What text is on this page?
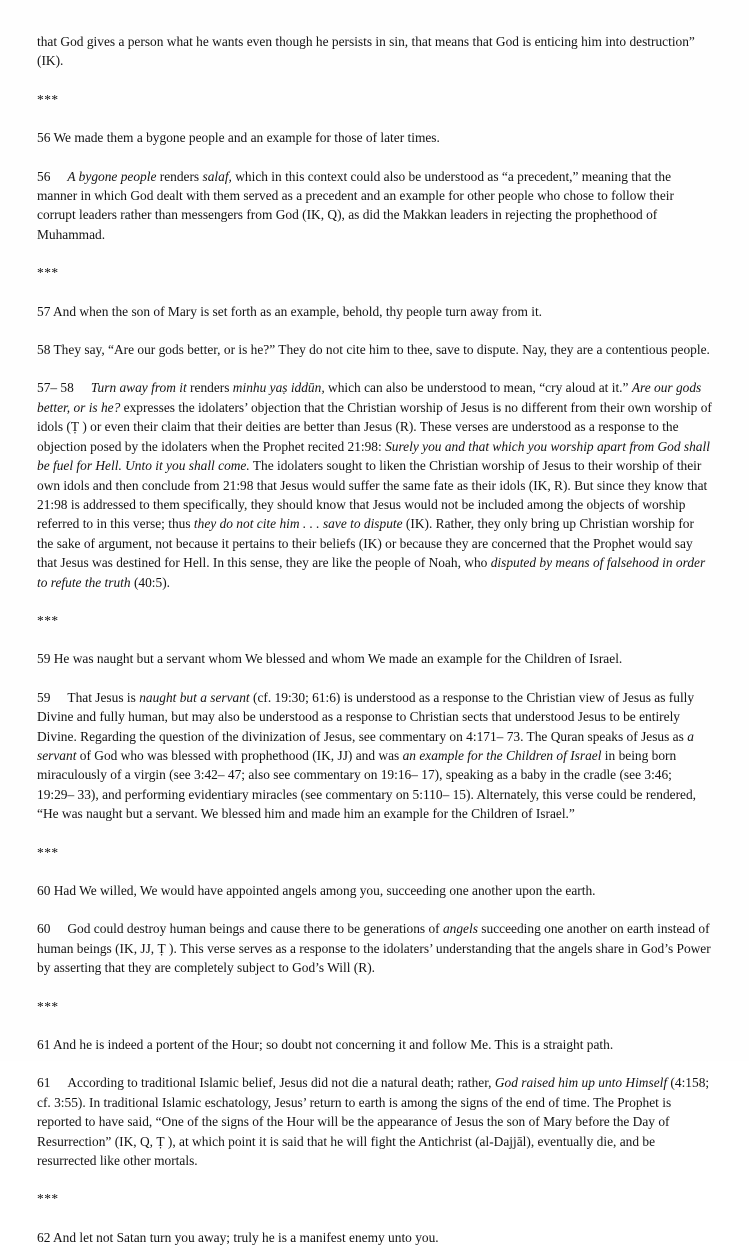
that God gives a person what he wants even though he persists in sin, that means that God is enticing him into destruction” (IK).

***

56 We made them a bygone people and an example for those of later times.

56 A bygone people renders salaf, which in this context could also be understood as “a precedent,” meaning that the manner in which God dealt with them served as a precedent and an example for other people who chose to follow their corrupt leaders rather than messengers from God (IK, Q), as did the Makkan leaders in rejecting the prophethood of Muhammad.

***

57 And when the son of Mary is set forth as an example, behold, thy people turn away from it.

58 They say, “Are our gods better, or is he?” They do not cite him to thee, save to dispute. Nay, they are a contentious people.

57– 58 Turn away from it renders minhu yaṣ iddūn, which can also be understood to mean, “cry aloud at it.” Are our gods better, or is he? expresses the idolaters’ objection that the Christian worship of Jesus is no different from their own worship of idols (Ṭ ) or even their claim that their deities are better than Jesus (R). These verses are understood as a response to the objection posed by the idolaters when the Prophet recited 21:98: Surely you and that which you worship apart from God shall be fuel for Hell. Unto it you shall come. The idolaters sought to liken the Christian worship of Jesus to their worship of their own idols and then conclude from 21:98 that Jesus would suffer the same fate as their idols (IK, R). But since they know that 21:98 is addressed to them specifically, they should know that Jesus would not be included among the objects of worship referred to in this verse; thus they do not cite him . . . save to dispute (IK). Rather, they only bring up Christian worship for the sake of argument, not because it pertains to their beliefs (IK) or because they are concerned that the Prophet would say that Jesus was destined for Hell. In this sense, they are like the people of Noah, who disputed by means of falsehood in order to refute the truth (40:5).

***

59 He was naught but a servant whom We blessed and whom We made an example for the Children of Israel.

59 That Jesus is naught but a servant (cf. 19:30; 61:6) is understood as a response to the Christian view of Jesus as fully Divine and fully human, but may also be understood as a response to Christian sects that understood Jesus to be entirely Divine. Regarding the question of the divinization of Jesus, see commentary on 4:171– 73. The Quran speaks of Jesus as a servant of God who was blessed with prophethood (IK, JJ) and was an example for the Children of Israel in being born miraculously of a virgin (see 3:42– 47; also see commentary on 19:16– 17), speaking as a baby in the cradle (see 3:46; 19:29– 33), and performing evidentiary miracles (see commentary on 5:110– 15). Alternately, this verse could be rendered, “He was naught but a servant. We blessed him and made him an example for the Children of Israel.”

***

60 Had We willed, We would have appointed angels among you, succeeding one another upon the earth.

60 God could destroy human beings and cause there to be generations of angels succeeding one another on earth instead of human beings (IK, JJ, Ṭ ). This verse serves as a response to the idolaters’ understanding that the angels share in God’s Power by asserting that they are completely subject to God’s Will (R).

***

61 And he is indeed a portent of the Hour; so doubt not concerning it and follow Me. This is a straight path.

61 According to traditional Islamic belief, Jesus did not die a natural death; rather, God raised him up unto Himself (4:158; cf. 3:55). In traditional Islamic eschatology, Jesus’ return to earth is among the signs of the end of time. The Prophet is reported to have said, “One of the signs of the Hour will be the appearance of Jesus the son of Mary before the Day of Resurrection” (IK, Q, Ṭ ), at which point it is said that he will fight the Antichrist (al-Dajjāl), eventually die, and be resurrected like other mortals.

***

62 And let not Satan turn you away; truly he is a manifest enemy unto you.
